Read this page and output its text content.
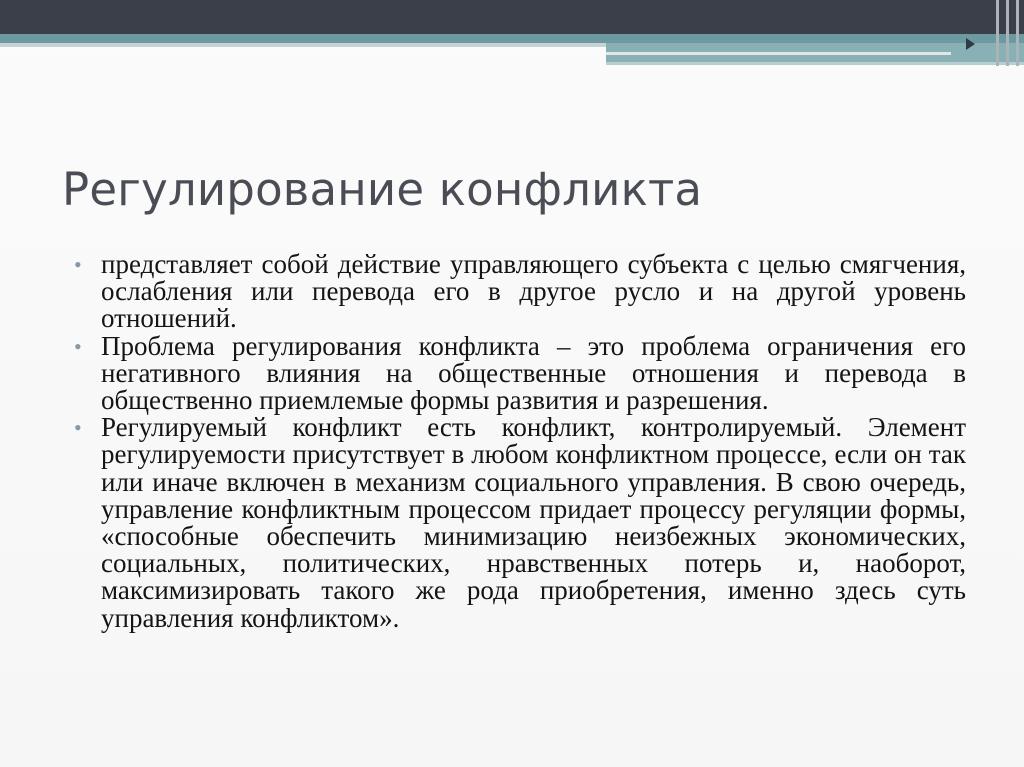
Регулирование конфликта
• представляет собой действие управляющего субъекта с целью смягчения, ослабления или перевода его в другое русло и на другой уровень отношений.
• Проблема регулирования конфликта – это проблема ограничения его негативного влияния на общественные отношения и перевода в общественно приемлемые формы развития и разрешения.
• Регулируемый конфликт есть конфликт, контролируемый. Элемент регулируемости присутствует в любом конфликтном процессе, если он так или иначе включен в механизм социального управления. В свою очередь, управление конфликтным процессом придает процессу регуляции формы, «способные обеспечить минимизацию неизбежных экономических, социальных, политических, нравственных потерь и, наоборот, максимизировать такого же рода приобретения, именно здесь суть управления конфликтом».
